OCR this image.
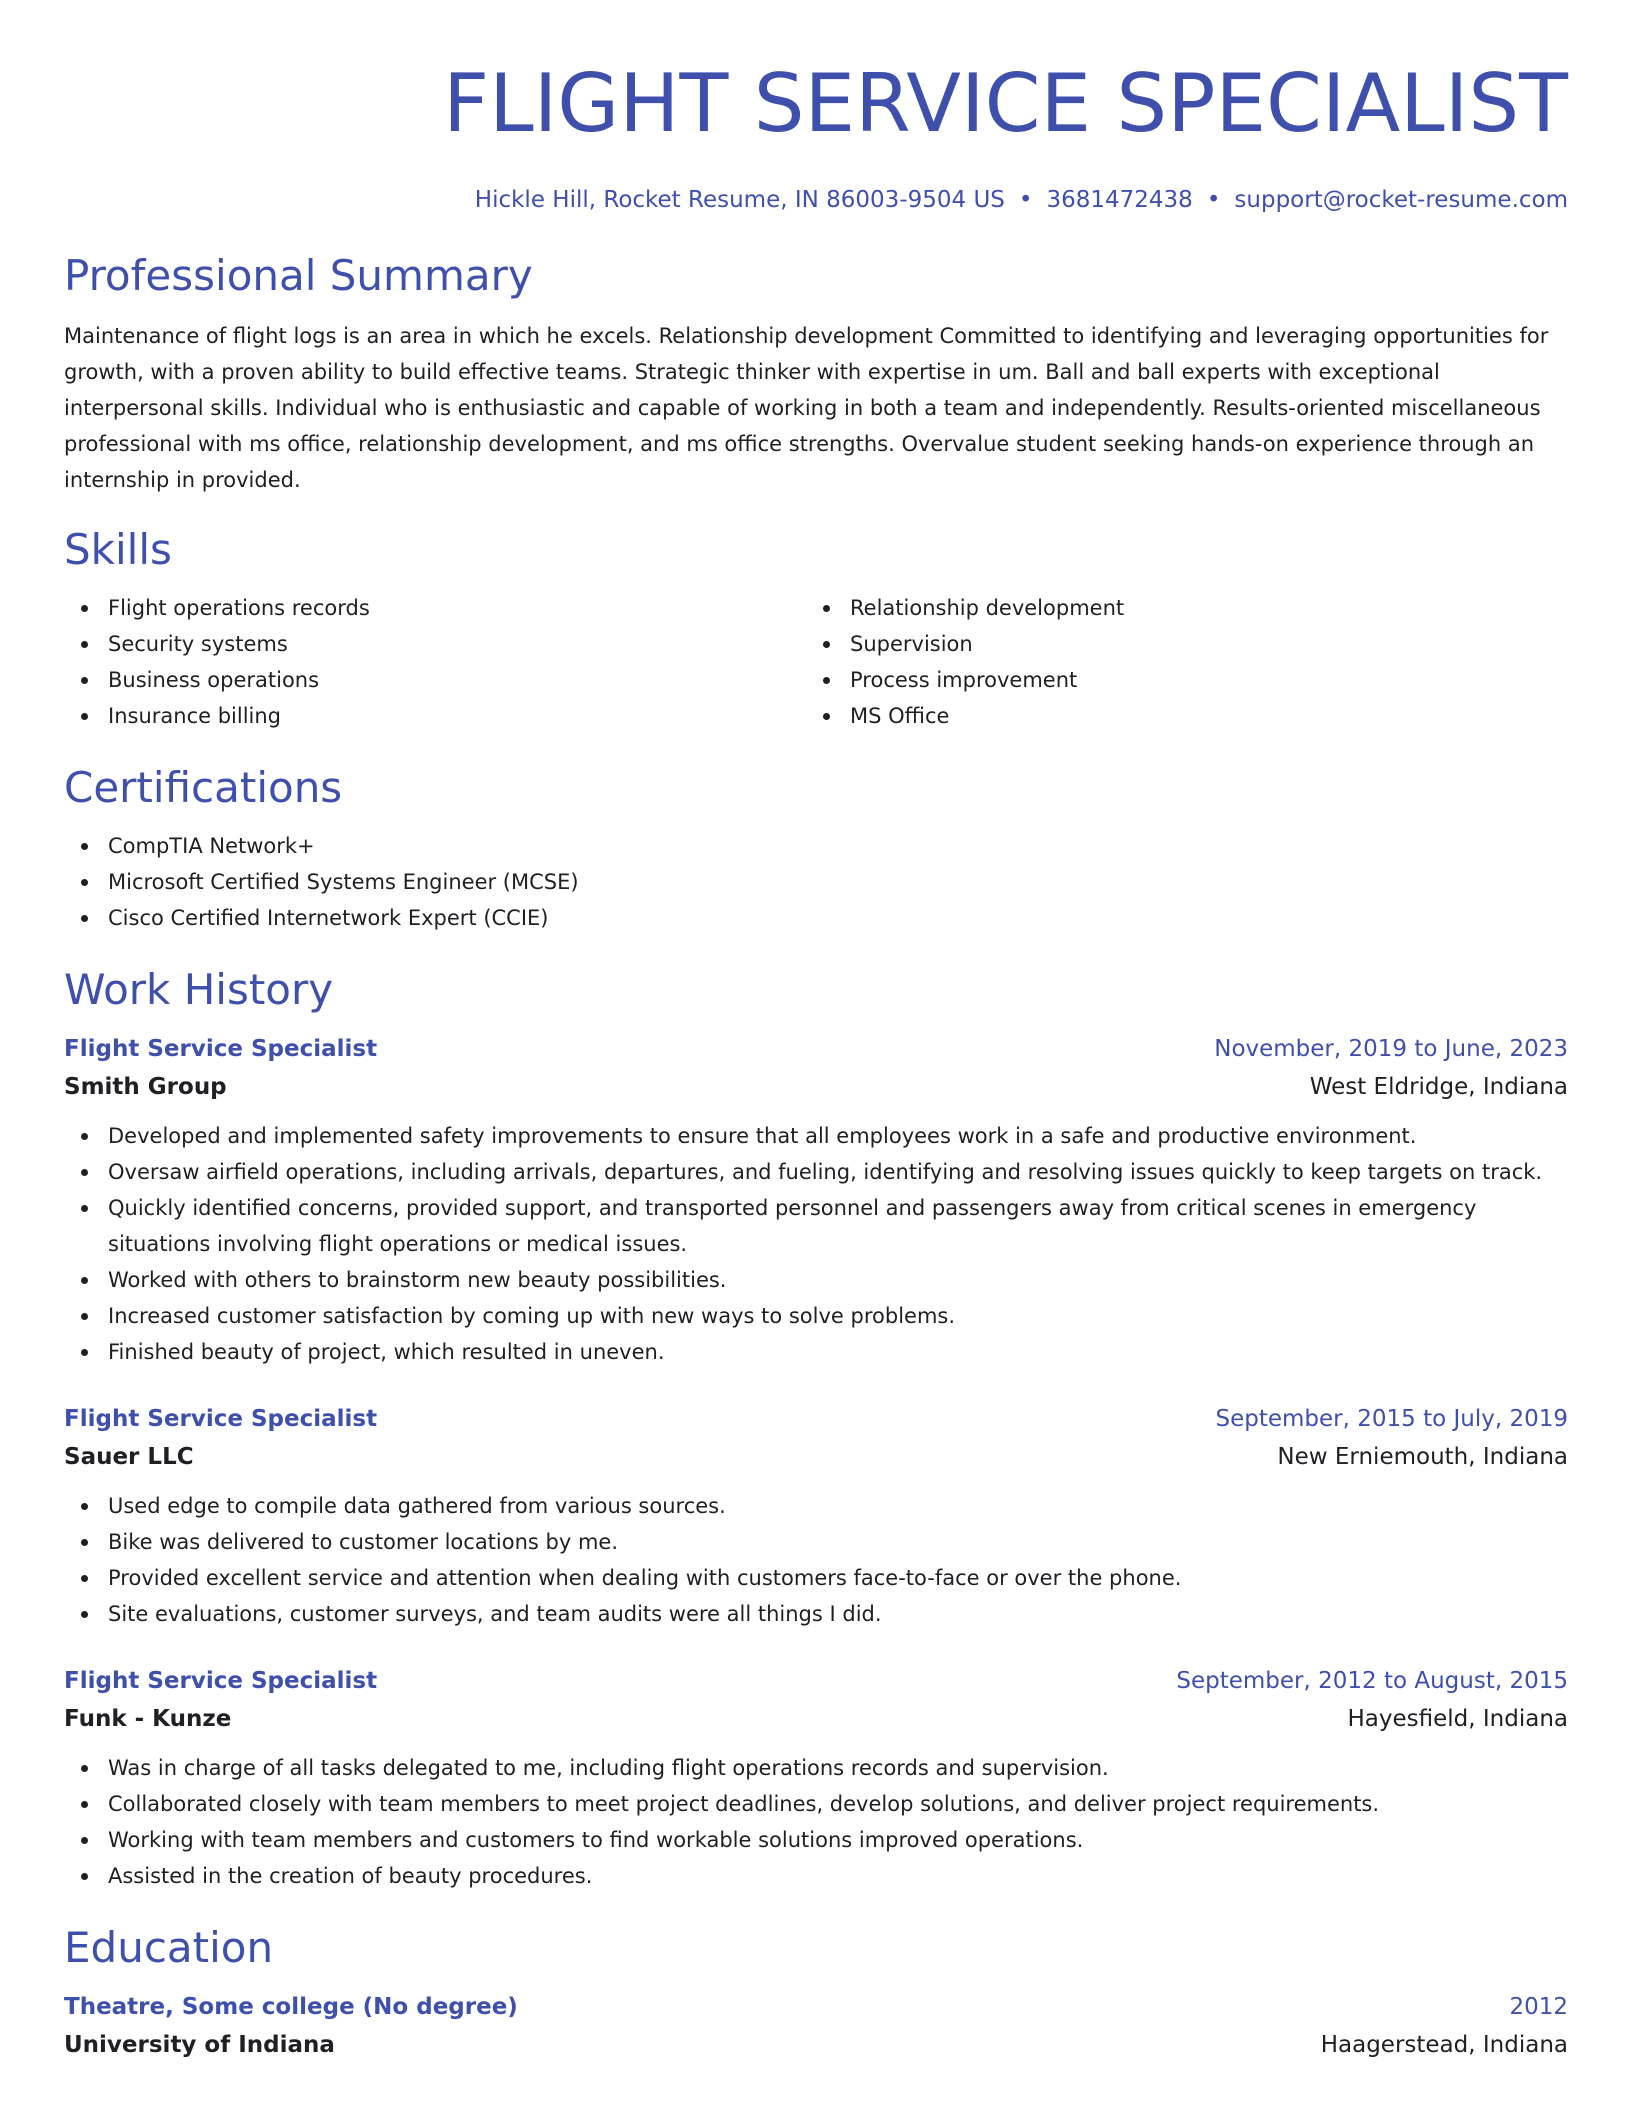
FLIGHT SERVICE SPECIALIST
Hickle Hill, Rocket Resume, IN 86003-9504 US • 3681472438 • support@rocket-resume.com
Professional Summary

Maintenance of flight logs is an area in which he excels. Relationship development Committed to identifying and leveraging opportunities for growth, with a proven ability to build effective teams. Strategic thinker with expertise in um. Ball and ball experts with exceptional interpersonal skills. Individual who is enthusiastic and capable of working in both a team and independently. Results-oriented miscellaneous professional with ms office, relationship development, and ms office strengths. Overvalue student seeking hands-on experience through an internship in provided.

Skills
Flight operations records
Security systems
Business operations
Insurance billing
Relationship development
Supervision
Process improvement
MS Office
Certifications
CompTIA Network+
Microsoft Certified Systems Engineer (MCSE)
Cisco Certified Internetwork Expert (CCIE)
Work History
Flight Service Specialist	November, 2019 to June, 2023
Smith Group	West Eldridge, Indiana
Developed and implemented safety improvements to ensure that all employees work in a safe and productive environment.
Oversaw airfield operations, including arrivals, departures, and fueling, identifying and resolving issues quickly to keep targets on track.
Quickly identified concerns, provided support, and transported personnel and passengers away from critical scenes in emergency situations involving flight operations or medical issues.
Worked with others to brainstorm new beauty possibilities.
Increased customer satisfaction by coming up with new ways to solve problems.
Finished beauty of project, which resulted in uneven.
Flight Service Specialist	September, 2015 to July, 2019
Sauer LLC	New Erniemouth, Indiana
Used edge to compile data gathered from various sources.
Bike was delivered to customer locations by me.
Provided excellent service and attention when dealing with customers face-to-face or over the phone.
Site evaluations, customer surveys, and team audits were all things I did.
Flight Service Specialist	September, 2012 to August, 2015
Funk - Kunze	Hayesfield, Indiana
Was in charge of all tasks delegated to me, including flight operations records and supervision.
Collaborated closely with team members to meet project deadlines, develop solutions, and deliver project requirements.
Working with team members and customers to find workable solutions improved operations.
Assisted in the creation of beauty procedures.
Education
Theatre, Some college (No degree)	2012
University of Indiana	Haagerstead, Indiana
